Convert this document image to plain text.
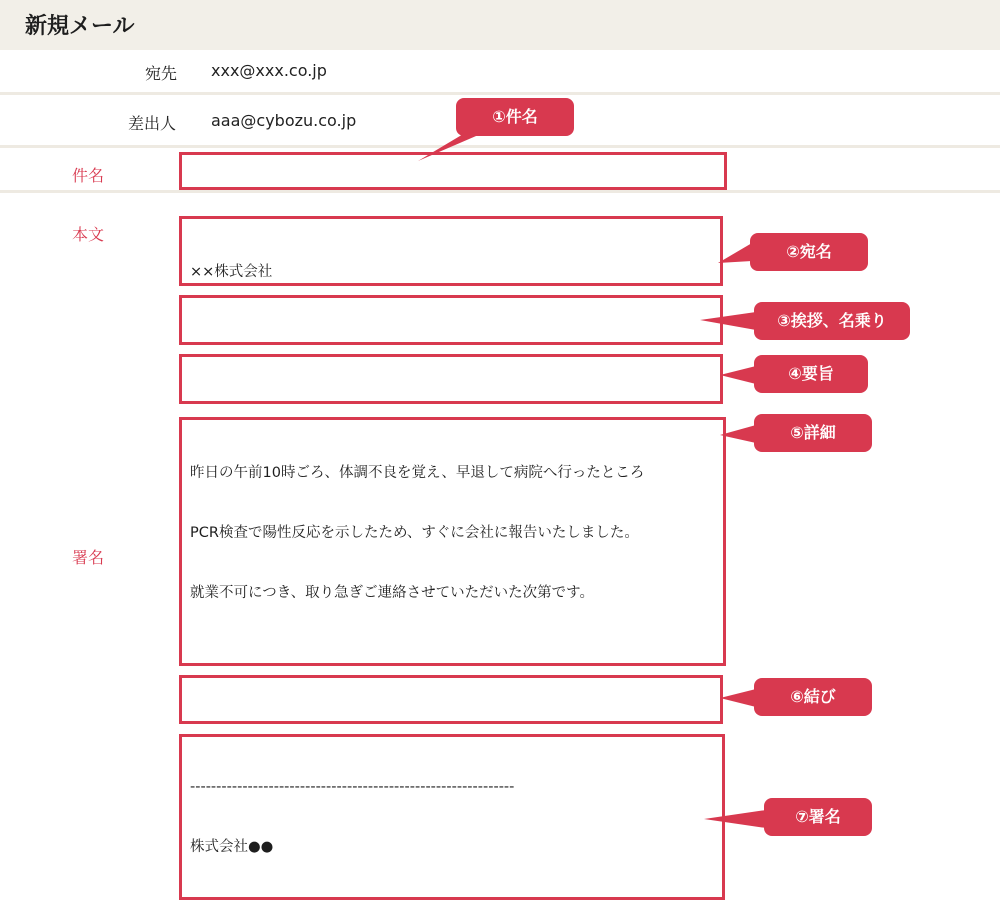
新規メール
宛先 xxx@xxx.co.jp
差出人 aaa@cybozu.co.jp
件名

本文
署名

××株式会社

昨日の午前10時ごろ、体調不良を覚え、早退して病院へ行ったところ

PCR検査で陽性反応を示したため、すぐに会社に報告いたしました。

就業不可につき、取り急ぎご連絡させていただいた次第です。

--------------------------------------------------------------

株式会社●●

①件名
②宛名
③挨拶、名乗り
④要旨
⑤詳細
⑥結び
⑦署名
